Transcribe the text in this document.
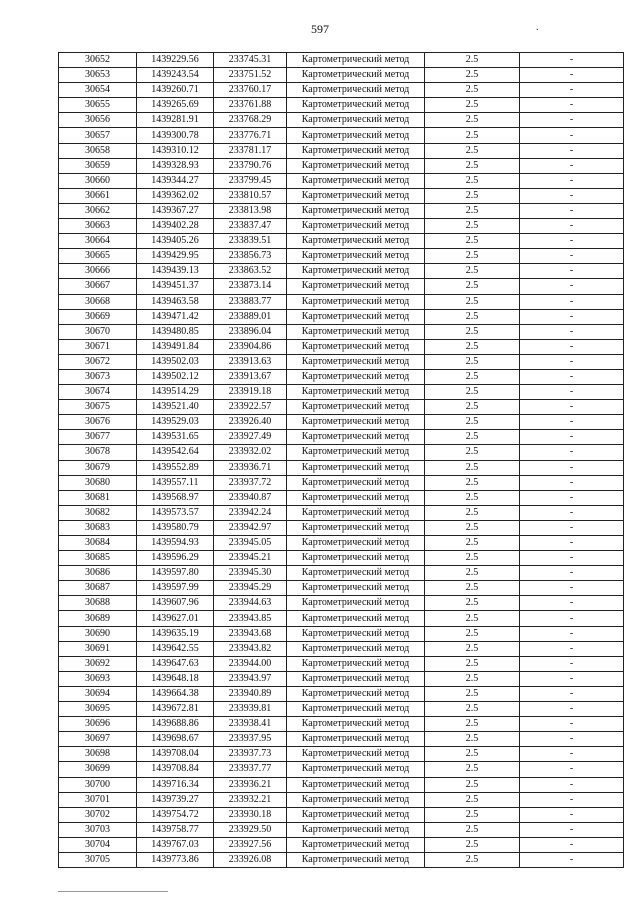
597	.
30652	1439229.56	233745.31	Картометрический метод	2.5	-
30653	1439243.54	233751.52	Картометрический метод	2.5	-
30654	1439260.71	233760.17	Картометрический метод	2.5	-
30655	1439265.69	233761.88	Картометрический метод	2.5	-
30656	1439281.91	233768.29	Картометрический метод	2.5	-
30657	1439300.78	233776.71	Картометрический метод	2.5	-
30658	1439310.12	233781.17	Картометрический метод	2.5	-
30659	1439328.93	233790.76	Картометрический метод	2.5	-
30660	1439344.27	233799.45	Картометрический метод	2.5	-
30661	1439362.02	233810.57	Картометрический метод	2.5	-
30662	1439367.27	233813.98	Картометрический метод	2.5	-
30663	1439402.28	233837.47	Картометрический метод	2.5	-
30664	1439405.26	233839.51	Картометрический метод	2.5	-
30665	1439429.95	233856.73	Картометрический метод	2.5	-
30666	1439439.13	233863.52	Картометрический метод	2.5	-
30667	1439451.37	233873.14	Картометрический метод	2.5	-
30668	1439463.58	233883.77	Картометрический метод	2.5	-
30669	1439471.42	233889.01	Картометрический метод	2.5	-
30670	1439480.85	233896.04	Картометрический метод	2.5	-
30671	1439491.84	233904.86	Картометрический метод	2.5	-
30672	1439502.03	233913.63	Картометрический метод	2.5	-
30673	1439502.12	233913.67	Картометрический метод	2.5	-
30674	1439514.29	233919.18	Картометрический метод	2.5	-
30675	1439521.40	233922.57	Картометрический метод	2.5	-
30676	1439529.03	233926.40	Картометрический метод	2.5	-
30677	1439531.65	233927.49	Картометрический метод	2.5	-
30678	1439542.64	233932.02	Картометрический метод	2.5	-
30679	1439552.89	233936.71	Картометрический метод	2.5	-
30680	1439557.11	233937.72	Картометрический метод	2.5	-
30681	1439568.97	233940.87	Картометрический метод	2.5	-
30682	1439573.57	233942.24	Картометрический метод	2.5	-
30683	1439580.79	233942.97	Картометрический метод	2.5	-
30684	1439594.93	233945.05	Картометрический метод	2.5	-
30685	1439596.29	233945.21	Картометрический метод	2.5	-
30686	1439597.80	233945.30	Картометрический метод	2.5	-
30687	1439597.99	233945.29	Картометрический метод	2.5	-
30688	1439607.96	233944.63	Картометрический метод	2.5	-
30689	1439627.01	233943.85	Картометрический метод	2.5	-
30690	1439635.19	233943.68	Картометрический метод	2.5	-
30691	1439642.55	233943.82	Картометрический метод	2.5	-
30692	1439647.63	233944.00	Картометрический метод	2.5	-
30693	1439648.18	233943.97	Картометрический метод	2.5	-
30694	1439664.38	233940.89	Картометрический метод	2.5	-
30695	1439672.81	233939.81	Картометрический метод	2.5	-
30696	1439688.86	233938.41	Картометрический метод	2.5	-
30697	1439698.67	233937.95	Картометрический метод	2.5	-
30698	1439708.04	233937.73	Картометрический метод	2.5	-
30699	1439708.84	233937.77	Картометрический метод	2.5	-
30700	1439716.34	233936.21	Картометрический метод	2.5	-
30701	1439739.27	233932.21	Картометрический метод	2.5	-
30702	1439754.72	233930.18	Картометрический метод	2.5	-
30703	1439758.77	233929.50	Картометрический метод	2.5	-
30704	1439767.03	233927.56	Картометрический метод	2.5	-
30705	1439773.86	233926.08	Картометрический метод	2.5	-
